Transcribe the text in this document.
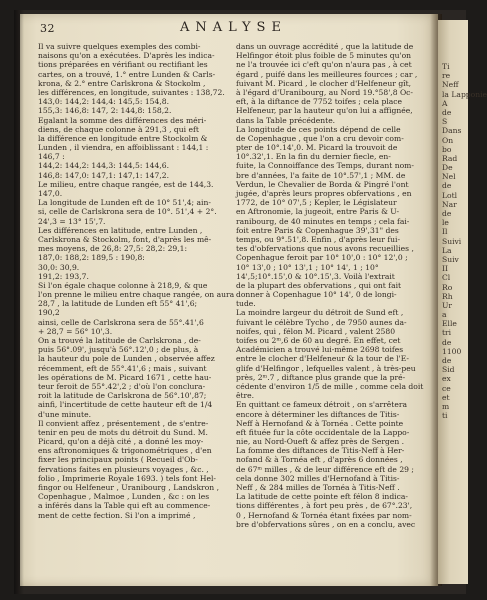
Ti
re
Neff
la Lapponie
A
de
S
Dans
On
bo
Rad
De
Nel
de
Lotl
Nar
de
le
Il
Suivi
La
Suiv
II
Cl
Ro
Rh
Ur
a
Elle
tri
de
1100
de
Sid
ex
ce
et
m
ti
32	ANALYSE
Il va suivre quelques exemples des combi-
naisons qu'on a exécutées. D'après les indica-
tions préparées en vérifiant ou rectifiant les
cartes, on a trouvé, 1.° entre Lunden & Carls-
krona, & 2.° entre Carlskrona & Stockolm ,
les différences, en longitude, suivantes : 138,72.
143,0: 144,2: 144,4: 145,5: 154,8.
155,3: 146,8: 147, 2: 144,8: 158,2.
Egalant la somme des différences des méri-
diens, de chaque colonne à 291,3 , qui eft
la différence en longitude entre Stockolm &
Lunden , il viendra, en affoiblissant : 144,1 :
146,7 :
144,2: 144,2: 144,3: 144,5: 144,6.
146,8: 147,0: 147,1: 147,1: 147,2.
Le milieu, entre chaque rangée, est de 144,3.
147,0.
La longitude de Lunden eft de 10° 51',4; ain-
si, celle de Carlskrona sera de 10°. 51',4 + 2°.
24',3 = 13° 15',7.
Les différences en latitude, entre Lunden ,
Carlskrona & Stockolm, font, d'après les mê-
mes moyens, de 26,8: 27,5: 28,2: 29,1:
187,0: 188,2: 189,5 : 190,8:
30,0: 30,9.
191,2: 193,7.
Si l'on égale chaque colonne à 218,9, & que
l'on prenne le milieu entre chaque rangée, on aura
28,7 , la latitude de Lunden eft 55° 41',6;
190,2
ainsi, celle de Carlskrona sera de 55°.41',6
+ 28,7 = 56° 10',3.
On a trouvé la latitude de Carlskrona , de-
puis 56°.09', jusqu'à 56°.12',0 ; de plus, à
la hauteur du pole de Lunden , observée affez
récemment, eft de 55°.41',6 ; mais , suivant
les opérations de M. Picard 1671 , cette hau-
teur feroit de 55°.42',2 ; d'où l'on conclura-
roit la latitude de Carlskrona de 56°.10',87;
ainfi, l'incertitude de cette hauteur eft de 1/4
d'une minute.
Il convient affez , présentement , de s'entre-
tenir en peu de mots du détroit du Sund. M.
Picard, qu'on a déjà cité , a donné les moy-
ens aftronomiques & trigonométriques , d'en
fixer les principaux points ( Recueil d'Ob-
fervations faites en plusieurs voyages , &c. ,
folio , Imprimerie Royale 1693. ) tels font Hel-
fingor ou Helfeneur , Uranibourg , Landskron ,
Copenhague , Malmoe , Lunden , &c : on les
a inférés dans la Table qui eft au commence-
ment de cette fection. Si l'on a imprimé ,
dans un ouvrage accrédité , que la latitude de
Helfingor étoit plus foible de 5 minutes qu'on
ne l'a trouvée ici c'eft qu'on n'aura pas , à cet
égard , puifé dans les meilleures fources ; car ,
fuivant M. Picard , le clocher d'Helfeneur gît,
à l'égard d'Uranibourg, au Nord 19.°58',8 Oc-
eft, à la diftance de 7752 toifes ; cela place
Helfeneur, par la hauteur qu'on lui a affignée,
dans la Table précédente.
La longitude de ces points dépend de celle
de Copenhague , que l'on a cru devoir com-
pter de 10°.14',0. M. Picard la trouvoit de
10°.32',1. En la fin du dernier fiecle, en-
fuite, la Connoiffance des Temps, durant nom-
bre d'années, l'a faite de 10°.57',1 ; MM. de
Verdun, le Chevalier de Borda & Pingré l'ont
jugée, d'après leurs propres obfervations , en
1772, de 10° 07',5 ; Kepler, le Législateur
en Aftronomie, la jugeoit, entre Paris & U-
ranibourg, de 40 minutes en temps ; cela fai-
foit entre Paris & Copenhague 39',31" des
temps, ou 9°.51',8. Enfin , d'après leur fui-
tes d'obfervations que nous avons recueillies ,
Copenhague feroit par 10° 10',0 : 10° 12',0 ;
10° 13',0 ; 10° 13',1 ; 10° 14', 1 ; 10°
14',5;10°.15',0 & 10°.15',3. Voilà l'extrait
de la plupart des obfervations , qui ont fait
donner à Copenhague 10° 14', 0 de longi-
tude.
La moindre largeur du détroit de Sund eft ,
fuivant le célèbre Tycho , de 7950 aunes da-
noifes, qui , félon M. Picard , valent 2580
toifes ou 2ᵐ,6 de 60 au degré. En effet, cet
Académicien a trouvé lui-même 2698 toifes
entre le clocher d'Helfeneur & la tour de l'E-
glife d'Helfingor , lefquelles valent , à très-peu
près, 2ᵐ.7 , diftance plus grande que la pré-
cédente d'environ 1/5 de mille , comme cela doit
être.
En quittant ce fameux détroit , on s'arrêtera
encore à déterminer les diftances de Titis-
Neff à Hernofand & à Tornéa . Cette pointe
eft fituée fur la côte occidentale de la Lappo-
nie, au Nord-Oueft & affez près de Sergen .
La fomme des diftances de Titis-Neff à Her-
nofand & à Tornéa eft , d'après 6 données ,
de 67ᵐ milles , & de leur différence eft de 29 ;
cela donne 302 milles d'Hernofand à Titis-
Neff , & 284 milles de Tornéa à Titis-Neff .
La latitude de cette pointe eft félon 8 indica-
tions différentes , à fort peu près , de 67°.23',
0 , Hernofand & Tornéa étant fixées par nom-
bre d'obfervations sûres , on en a conclu, avec
